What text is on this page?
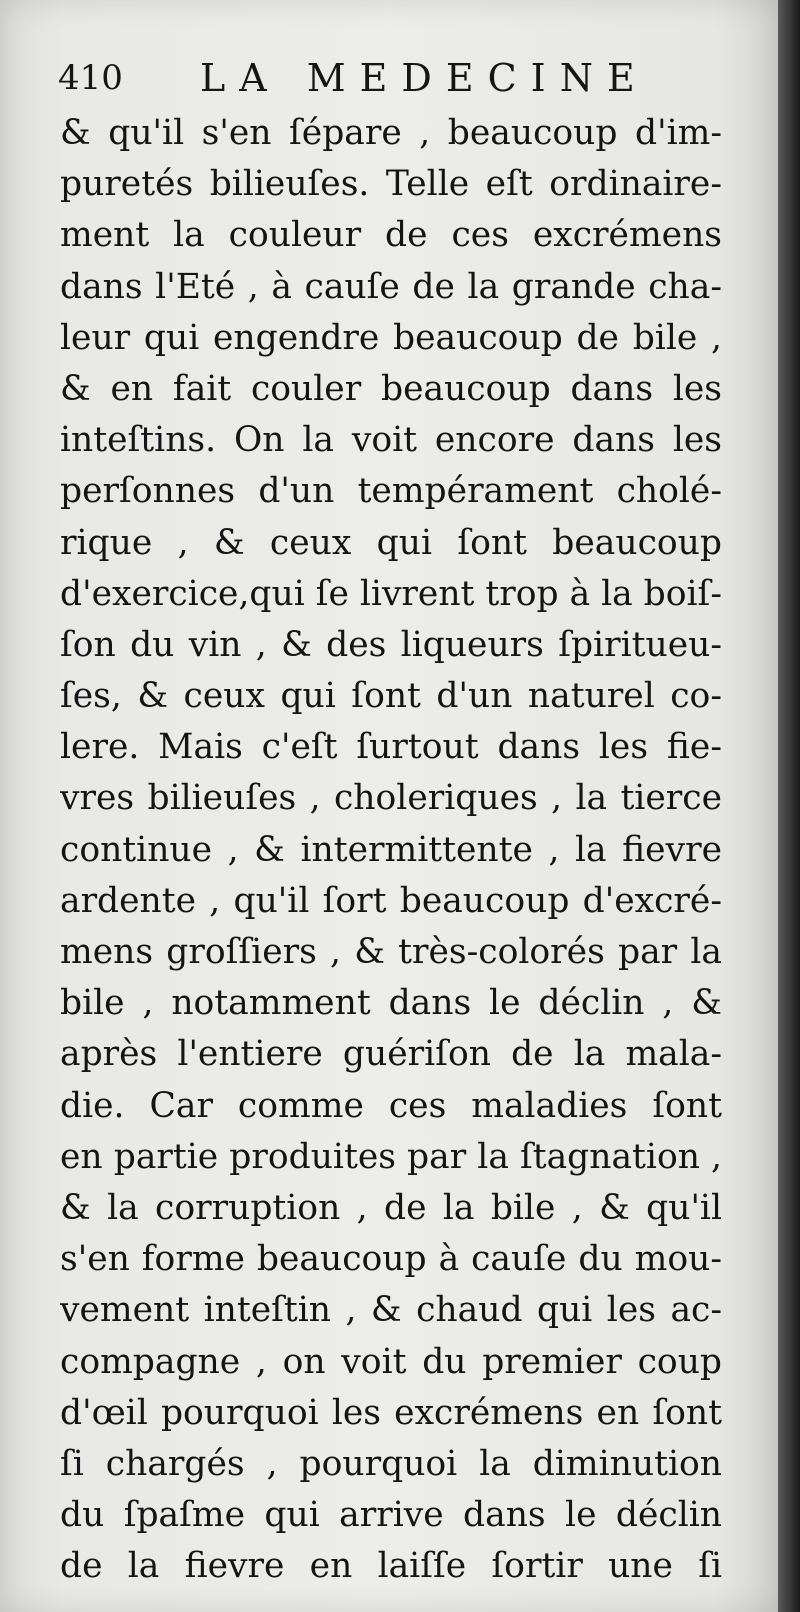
410 LA MEDECINE
& qu'il s'en ſépare , beaucoup d'im-
puretés bilieuſes. Telle eſt ordinaire-
ment la couleur de ces excrémens
dans l'Eté , à cauſe de la grande cha-
leur qui engendre beaucoup de bile ,
& en fait couler beaucoup dans les
inteſtins. On la voit encore dans les
perſonnes d'un tempérament cholé-
rique , & ceux qui ſont beaucoup
d'exercice,qui ſe livrent trop à la boiſ-
ſon du vin , & des liqueurs ſpiritueu-
ſes, & ceux qui ſont d'un naturel co-
lere. Mais c'eſt ſurtout dans les fie-
vres bilieuſes , choleriques , la tierce
continue , & intermittente , la fievre
ardente , qu'il ſort beaucoup d'excré-
mens groſſiers , & très-colorés par la
bile , notamment dans le déclin , &
après l'entiere guériſon de la mala-
die. Car comme ces maladies ſont
en partie produites par la ſtagnation ,
& la corruption , de la bile , & qu'il
s'en forme beaucoup à cauſe du mou-
vement inteſtin , & chaud qui les ac-
compagne , on voit du premier coup
d'œil pourquoi les excrémens en ſont
ſi chargés , pourquoi la diminution
du ſpaſme qui arrive dans le déclin
de la fievre en laiſſe ſortir une ſi
